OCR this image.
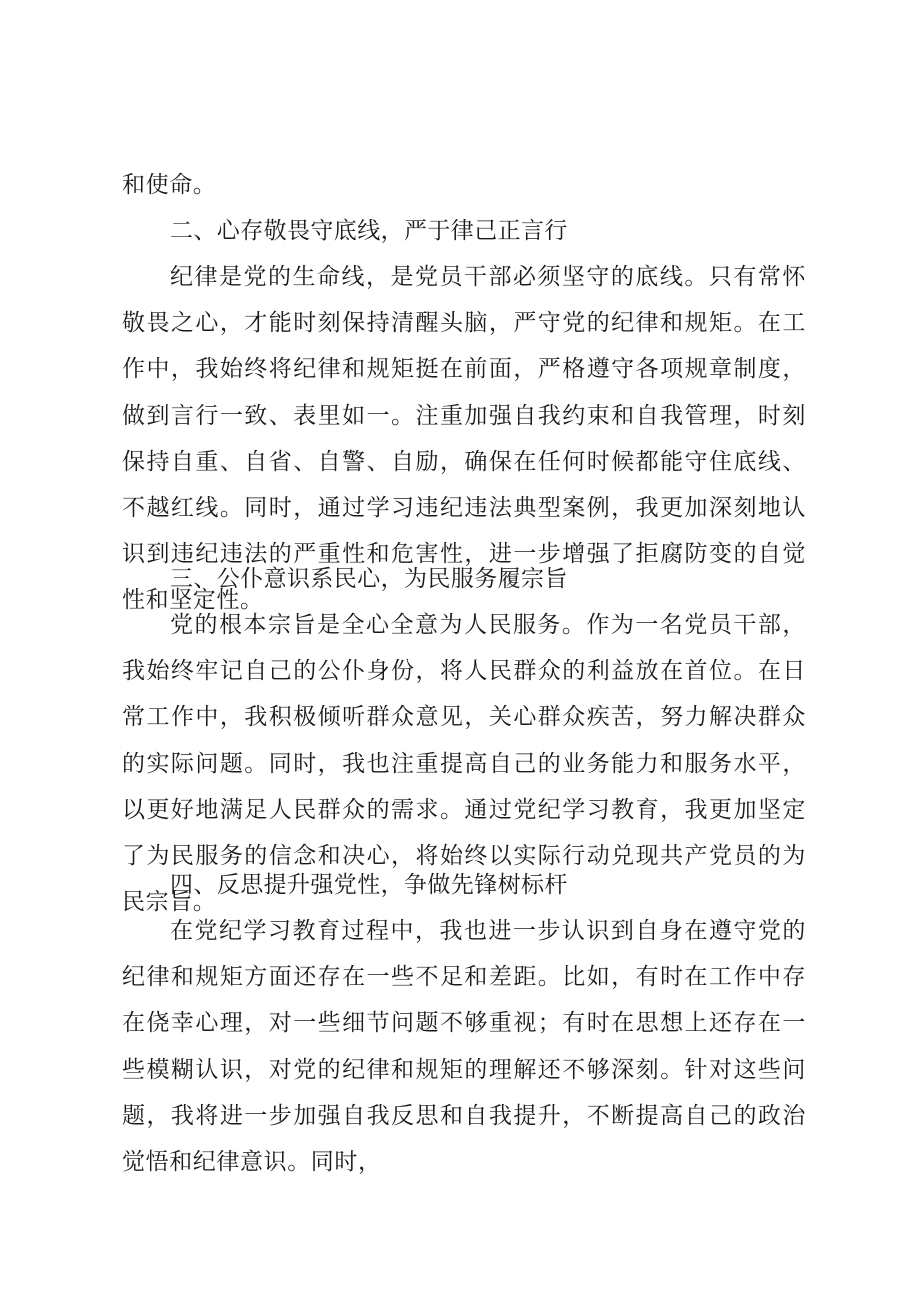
和使命。

二、心存敬畏守底线，严于律己正言行

纪律是党的生命线，是党员干部必须坚守的底线。只有常怀敬畏之心，才能时刻保持清醒头脑，严守党的纪律和规矩。在工作中，我始终将纪律和规矩挺在前面，严格遵守各项规章制度，做到言行一致、表里如一。注重加强自我约束和自我管理，时刻保持自重、自省、自警、自励，确保在任何时候都能守住底线、不越红线。同时，通过学习违纪违法典型案例，我更加深刻地认识到违纪违法的严重性和危害性，进一步增强了拒腐防变的自觉性和坚定性。

三、公仆意识系民心，为民服务履宗旨

党的根本宗旨是全心全意为人民服务。作为一名党员干部，我始终牢记自己的公仆身份，将人民群众的利益放在首位。在日常工作中，我积极倾听群众意见，关心群众疾苦，努力解决群众的实际问题。同时，我也注重提高自己的业务能力和服务水平，以更好地满足人民群众的需求。通过党纪学习教育，我更加坚定了为民服务的信念和决心，将始终以实际行动兑现共产党员的为民宗旨。

四、反思提升强党性，争做先锋树标杆

在党纪学习教育过程中，我也进一步认识到自身在遵守党的纪律和规矩方面还存在一些不足和差距。比如，有时在工作中存在侥幸心理，对一些细节问题不够重视；有时在思想上还存在一些模糊认识，对党的纪律和规矩的理解还不够深刻。针对这些问题，我将进一步加强自我反思和自我提升，不断提高自己的政治觉悟和纪律意识。同时，
